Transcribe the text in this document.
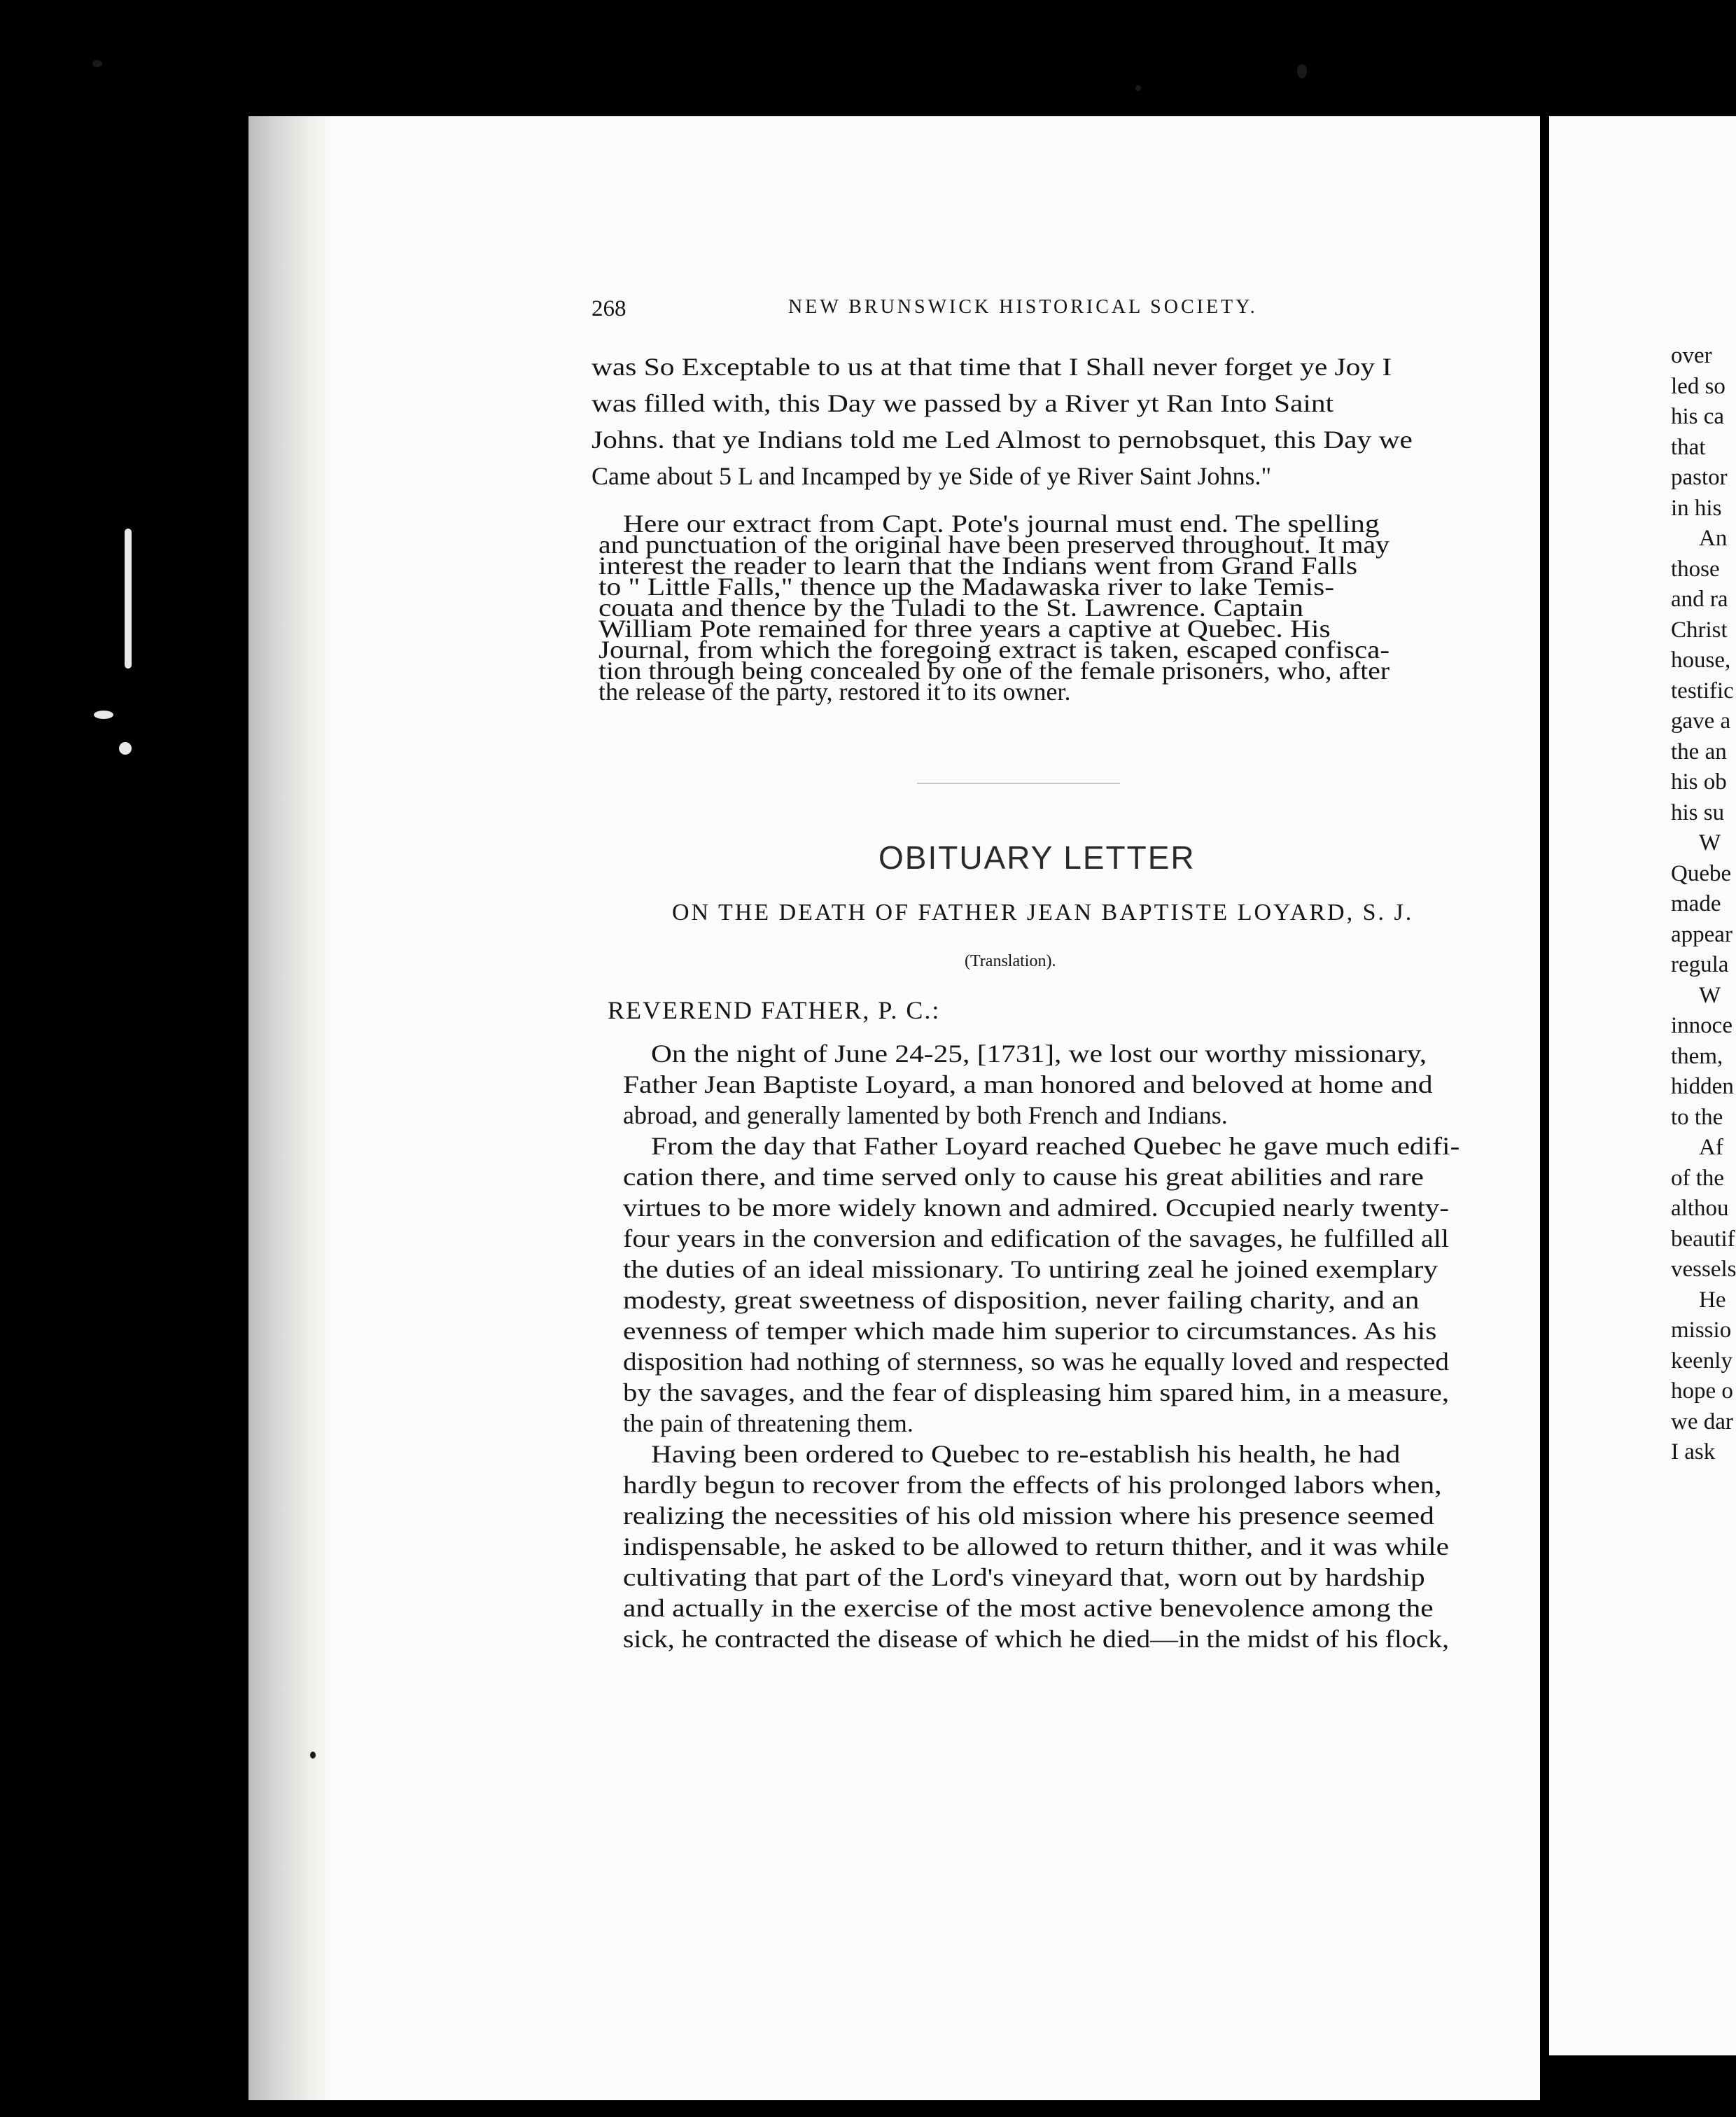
268	NEW BRUNSWICK HISTORICAL SOCIETY.
was So Exceptable to us at that time that I Shall never forget ye Joy I
was filled with, this Day we passed by a River yt Ran Into Saint
Johns. that ye Indians told me Led Almost to pernobsquet, this Day we
Came about 5 L and Incamped by ye Side of ye River Saint Johns."
Here our extract from Capt. Pote's journal must end. The spelling
and punctuation of the original have been preserved throughout. It may
interest the reader to learn that the Indians went from Grand Falls
to " Little Falls," thence up the Madawaska river to lake Temis-
couata and thence by the Tuladi to the St. Lawrence. Captain
William Pote remained for three years a captive at Quebec. His
Journal, from which the foregoing extract is taken, escaped confisca-
tion through being concealed by one of the female prisoners, who, after
the release of the party, restored it to its owner.
OBITUARY LETTER
ON THE DEATH OF FATHER JEAN BAPTISTE LOYARD, S. J.
(Translation).
REVEREND FATHER, P. C.:
On the night of June 24-25, [1731], we lost our worthy missionary,
Father Jean Baptiste Loyard, a man honored and beloved at home and
abroad, and generally lamented by both French and Indians.
From the day that Father Loyard reached Quebec he gave much edifi-
cation there, and time served only to cause his great abilities and rare
virtues to be more widely known and admired. Occupied nearly twenty-
four years in the conversion and edification of the savages, he fulfilled all
the duties of an ideal missionary. To untiring zeal he joined exemplary
modesty, great sweetness of disposition, never failing charity, and an
evenness of temper which made him superior to circumstances. As his
disposition had nothing of sternness, so was he equally loved and respected
by the savages, and the fear of displeasing him spared him, in a measure,
the pain of threatening them.
Having been ordered to Quebec to re-establish his health, he had
hardly begun to recover from the effects of his prolonged labors when,
realizing the necessities of his old mission where his presence seemed
indispensable, he asked to be allowed to return thither, and it was while
cultivating that part of the Lord's vineyard that, worn out by hardship
and actually in the exercise of the most active benevolence among the
sick, he contracted the disease of which he died—in the midst of his flock,
over
led so
his ca
that
pastor
in his
An
those
and ra
Christ
house,
testific
gave a
the an
his ob
his su
W
Quebe
made
appear
regula
W
innoce
them,
hidden
to the
Af
of the
althou
beautif
vessels
He
missio
keenly
hope o
we dar
I ask
